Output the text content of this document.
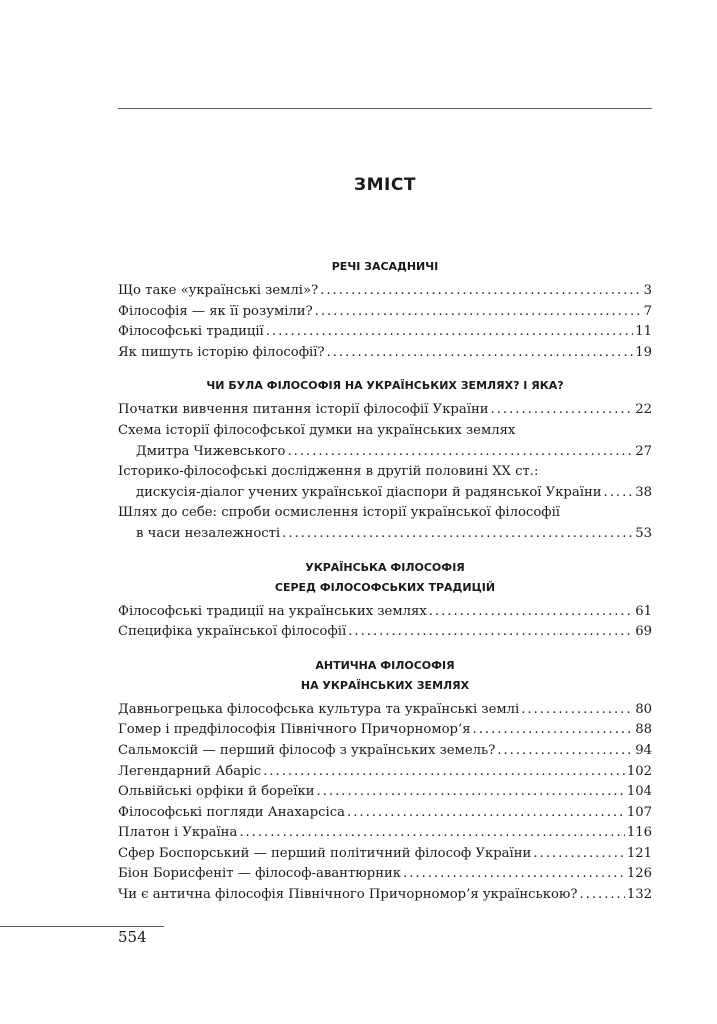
ЗМІСТ
РЕЧІ ЗАСАДНИЧІ
Що таке «українські землі»? . . .	3
Філософія — як її розуміли? . . .	7
Філософські традиції . . .	11
Як пишуть історію філософії? . . .	19
ЧИ БУЛА ФІЛОСОФІЯ НА УКРАЇНСЬКИХ ЗЕМЛЯХ? І ЯКА?
Початки вивчення питання історії філософії України . . .	22
Схема історії філософської думки на українських землях
Дмитра Чижевського . . .	27
Історико-філософські дослідження в другій половині XX ст.:
дискусія-діалог учених української діаспори й радянської України . . .	38
Шлях до себе: спроби осмислення історії української філософії
в часи незалежності . . .	53
УКРАЇНСЬКА ФІЛОСОФІЯ
СЕРЕД ФІЛОСОФСЬКИХ ТРАДИЦІЙ
Філософські традиції на українських землях . . .	61
Специфіка української філософії . . .	69
АНТИЧНА ФІЛОСОФІЯ
НА УКРАЇНСЬКИХ ЗЕМЛЯХ
Давньогрецька філософська культура та українські землі . . .	80
Гомер і предфілософія Північного Причорномор’я . . .	88
Сальмоксій — перший філософ з українських земель? . . .	94
Легендарний Абаріс . . .	102
Ольвійські орфіки й бореїки . . .	104
Філософські погляди Анахарсіса . . .	107
Платон і Україна . . .	116
Сфер Боспорський — перший політичний філософ України . . .	121
Біон Борисфеніт — філософ-авантюрник . . .	126
Чи є антична філософія Північного Причорномор’я українською? . . .	132

554
